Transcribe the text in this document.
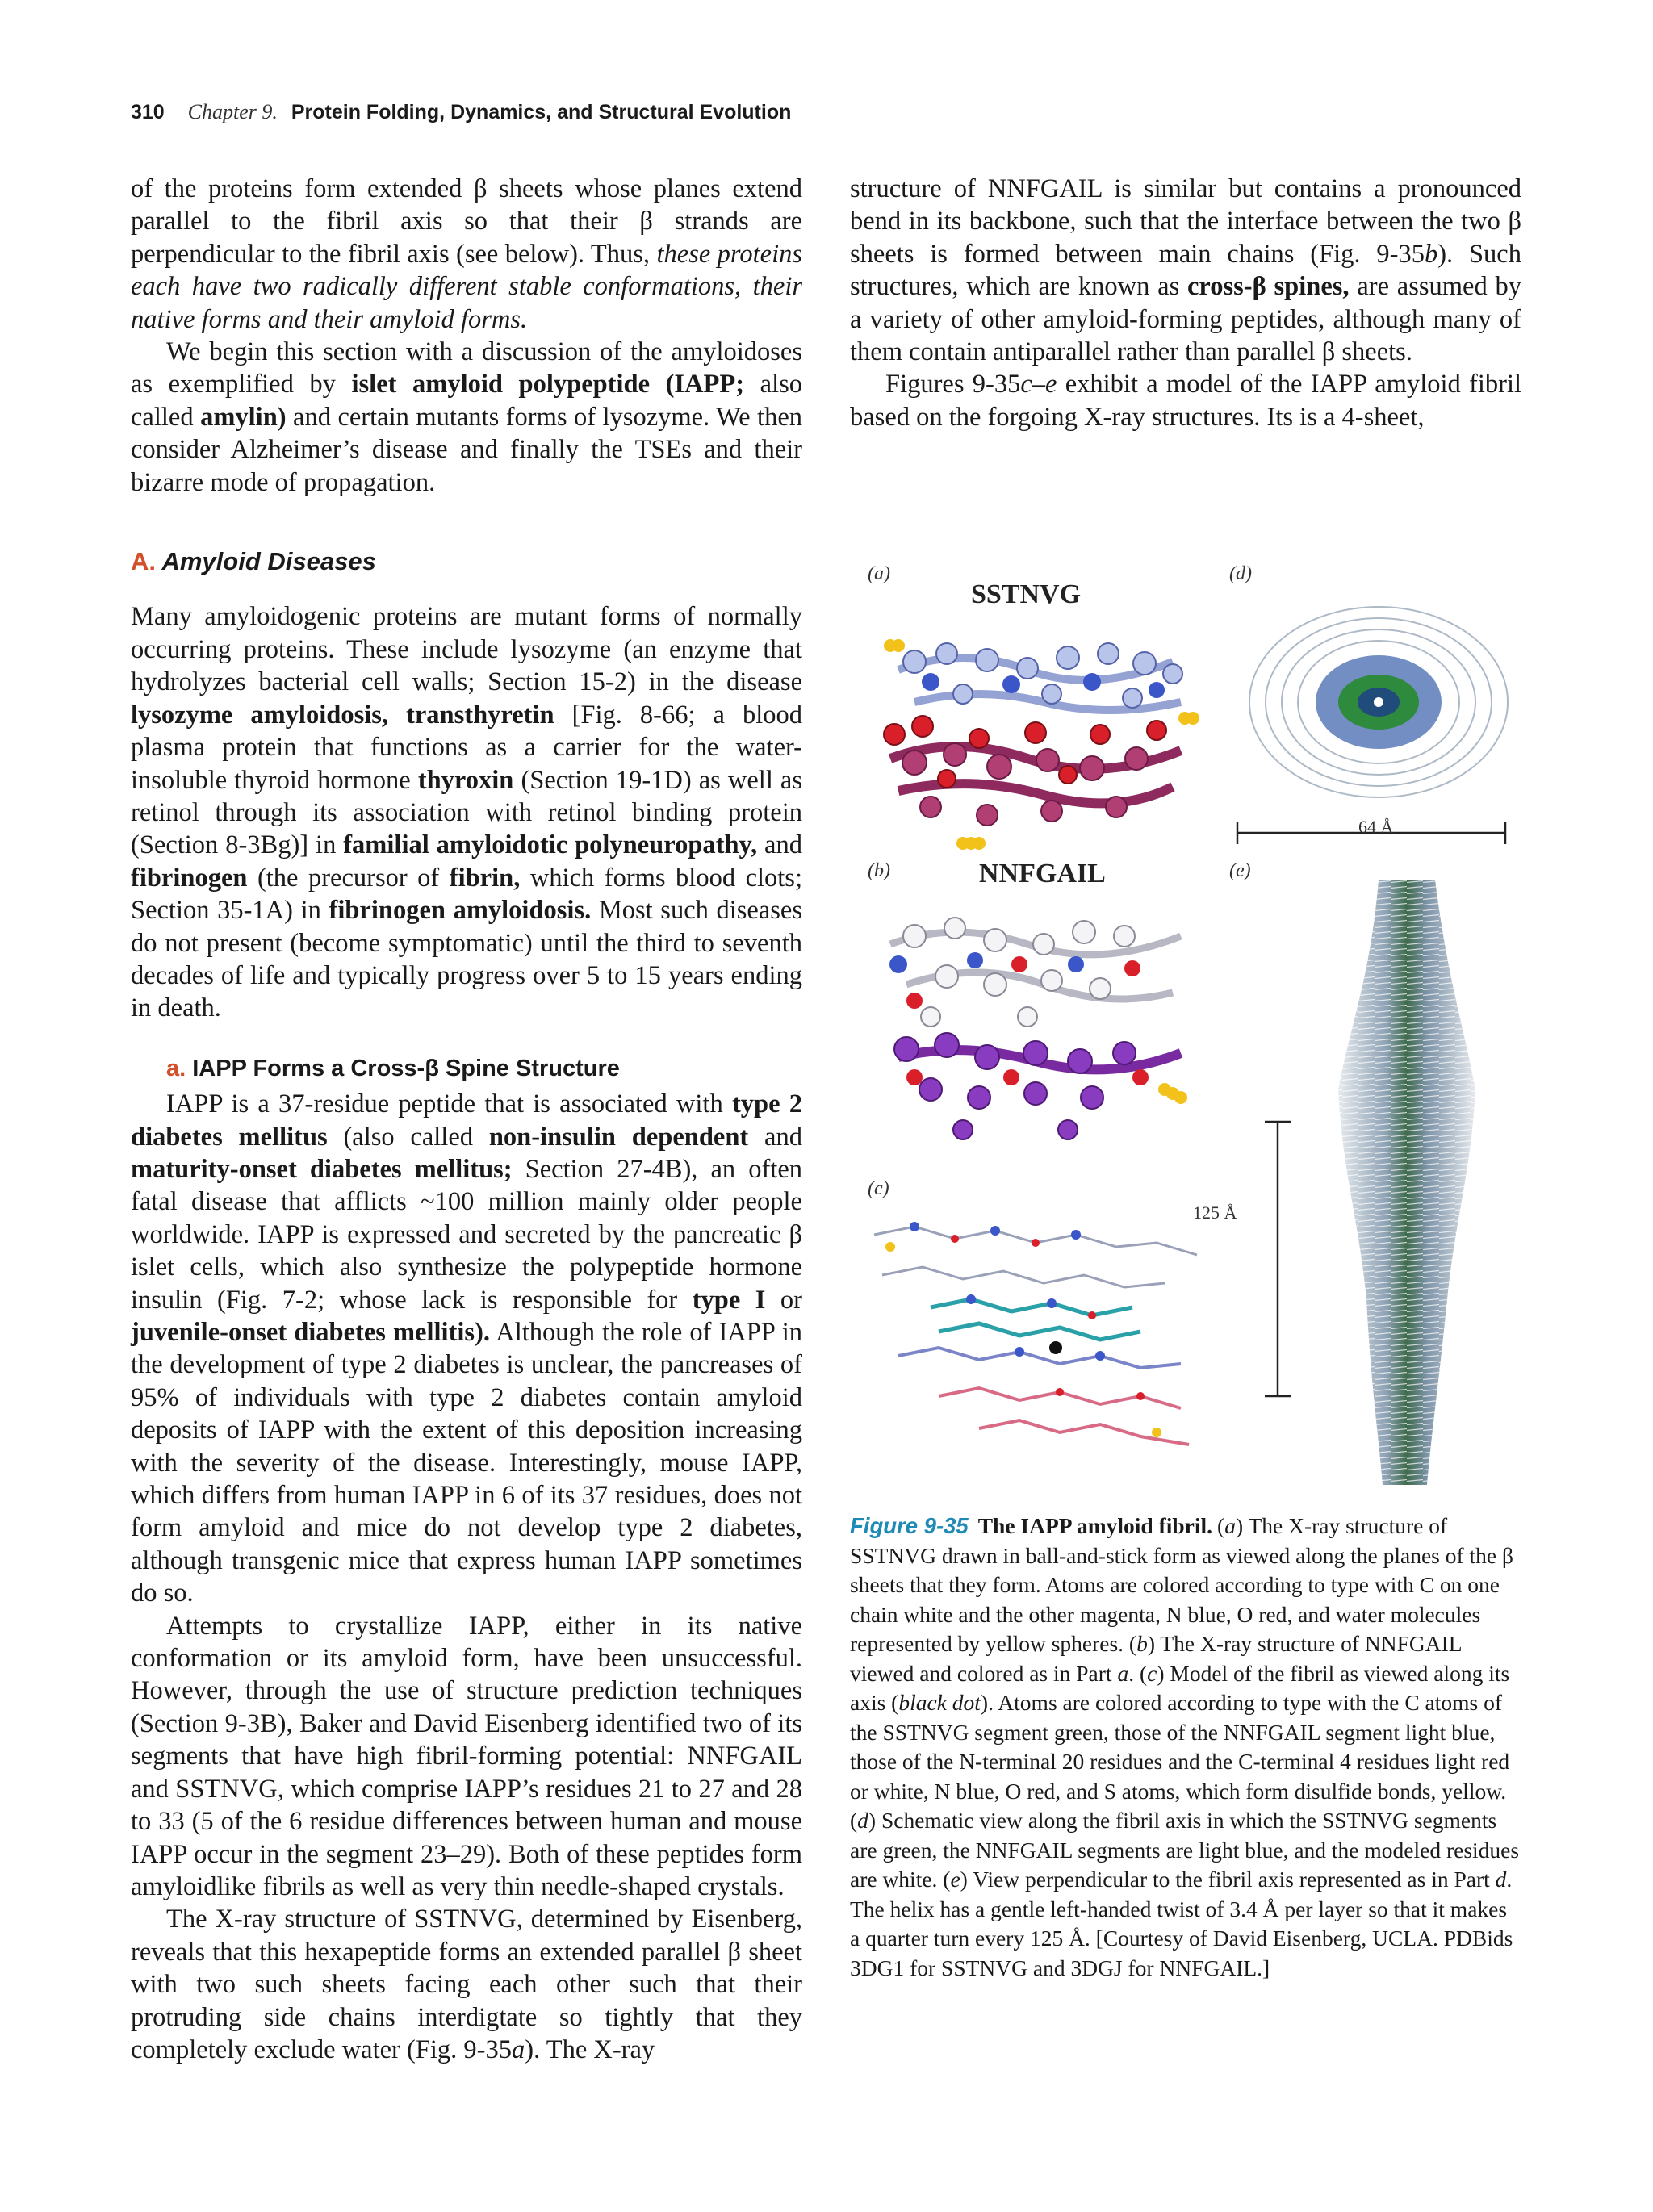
310 Chapter 9. Protein Folding, Dynamics, and Structural Evolution

of the proteins form extended β sheets whose planes extend parallel to the fibril axis so that their β strands are perpendicular to the fibril axis (see below). Thus, these proteins each have two radically different stable conformations, their native forms and their amyloid forms.

We begin this section with a discussion of the amyloidoses as exemplified by islet amyloid polypeptide (IAPP; also called amylin) and certain mutants forms of lysozyme. We then consider Alzheimer’s disease and finally the TSEs and their bizarre mode of propagation.

A. Amyloid Diseases

Many amyloidogenic proteins are mutant forms of normally occurring proteins. These include lysozyme (an enzyme that hydrolyzes bacterial cell walls; Section 15-2) in the disease lysozyme amyloidosis, transthyretin [Fig. 8-66; a blood plasma protein that functions as a carrier for the water-insoluble thyroid hormone thyroxin (Section 19-1D) as well as retinol through its association with retinol binding protein (Section 8-3Bg)] in familial amyloidotic polyneuropathy, and fibrinogen (the precursor of fibrin, which forms blood clots; Section 35-1A) in fibrinogen amyloidosis. Most such diseases do not present (become symptomatic) until the third to seventh decades of life and typically progress over 5 to 15 years ending in death.

a. IAPP Forms a Cross-β Spine Structure

IAPP is a 37-residue peptide that is associated with type 2 diabetes mellitus (also called non-insulin dependent and maturity-onset diabetes mellitus; Section 27-4B), an often fatal disease that afflicts ~100 million mainly older people worldwide. IAPP is expressed and secreted by the pancreatic β islet cells, which also synthesize the polypeptide hormone insulin (Fig. 7-2; whose lack is responsible for type I or juvenile-onset diabetes mellitis). Although the role of IAPP in the development of type 2 diabetes is unclear, the pancreases of 95% of individuals with type 2 diabetes contain amyloid deposits of IAPP with the extent of this deposition increasing with the severity of the disease. Interestingly, mouse IAPP, which differs from human IAPP in 6 of its 37 residues, does not form amyloid and mice do not develop type 2 diabetes, although transgenic mice that express human IAPP sometimes do so.

Attempts to crystallize IAPP, either in its native conformation or its amyloid form, have been unsuccessful. However, through the use of structure prediction techniques (Section 9-3B), Baker and David Eisenberg identified two of its segments that have high fibril-forming potential: NNFGAIL and SSTNVG, which comprise IAPP’s residues 21 to 27 and 28 to 33 (5 of the 6 residue differences between human and mouse IAPP occur in the segment 23–29). Both of these peptides form amyloidlike fibrils as well as very thin needle-shaped crystals.

The X-ray structure of SSTNVG, determined by Eisenberg, reveals that this hexapeptide forms an extended parallel β sheet with two such sheets facing each other such that their protruding side chains interdigtate so tightly that they completely exclude water (Fig. 9-35a). The X-ray

structure of NNFGAIL is similar but contains a pronounced bend in its backbone, such that the interface between the two β sheets is formed between main chains (Fig. 9-35b). Such structures, which are known as cross-β spines, are assumed by a variety of other amyloid-forming peptides, although many of them contain antiparallel rather than parallel β sheets.

Figures 9-35c–e exhibit a model of the IAPP amyloid fibril based on the forgoing X-ray structures. Its is a 4-sheet,

(a)	(d)
(b)	(e)
(c)
SSTNVG
NNFGAIL
64 Å
125 Å
Figure 9-35 The IAPP amyloid fibril. (a) The X-ray structure of SSTNVG drawn in ball-and-stick form as viewed along the planes of the β sheets that they form. Atoms are colored according to type with C on one chain white and the other magenta, N blue, O red, and water molecules represented by yellow spheres. (b) The X-ray structure of NNFGAIL viewed and colored as in Part a. (c) Model of the fibril as viewed along its axis (black dot). Atoms are colored according to type with the C atoms of the SSTNVG segment green, those of the NNFGAIL segment light blue, those of the N-terminal 20 residues and the C-terminal 4 residues light red or white, N blue, O red, and S atoms, which form disulfide bonds, yellow. (d) Schematic view along the fibril axis in which the SSTNVG segments are green, the NNFGAIL segments are light blue, and the modeled residues are white. (e) View perpendicular to the fibril axis represented as in Part d. The helix has a gentle left-handed twist of 3.4 Å per layer so that it makes a quarter turn every 125 Å. [Courtesy of David Eisenberg, UCLA. PDBids 3DG1 for SSTNVG and 3DGJ for NNFGAIL.]
